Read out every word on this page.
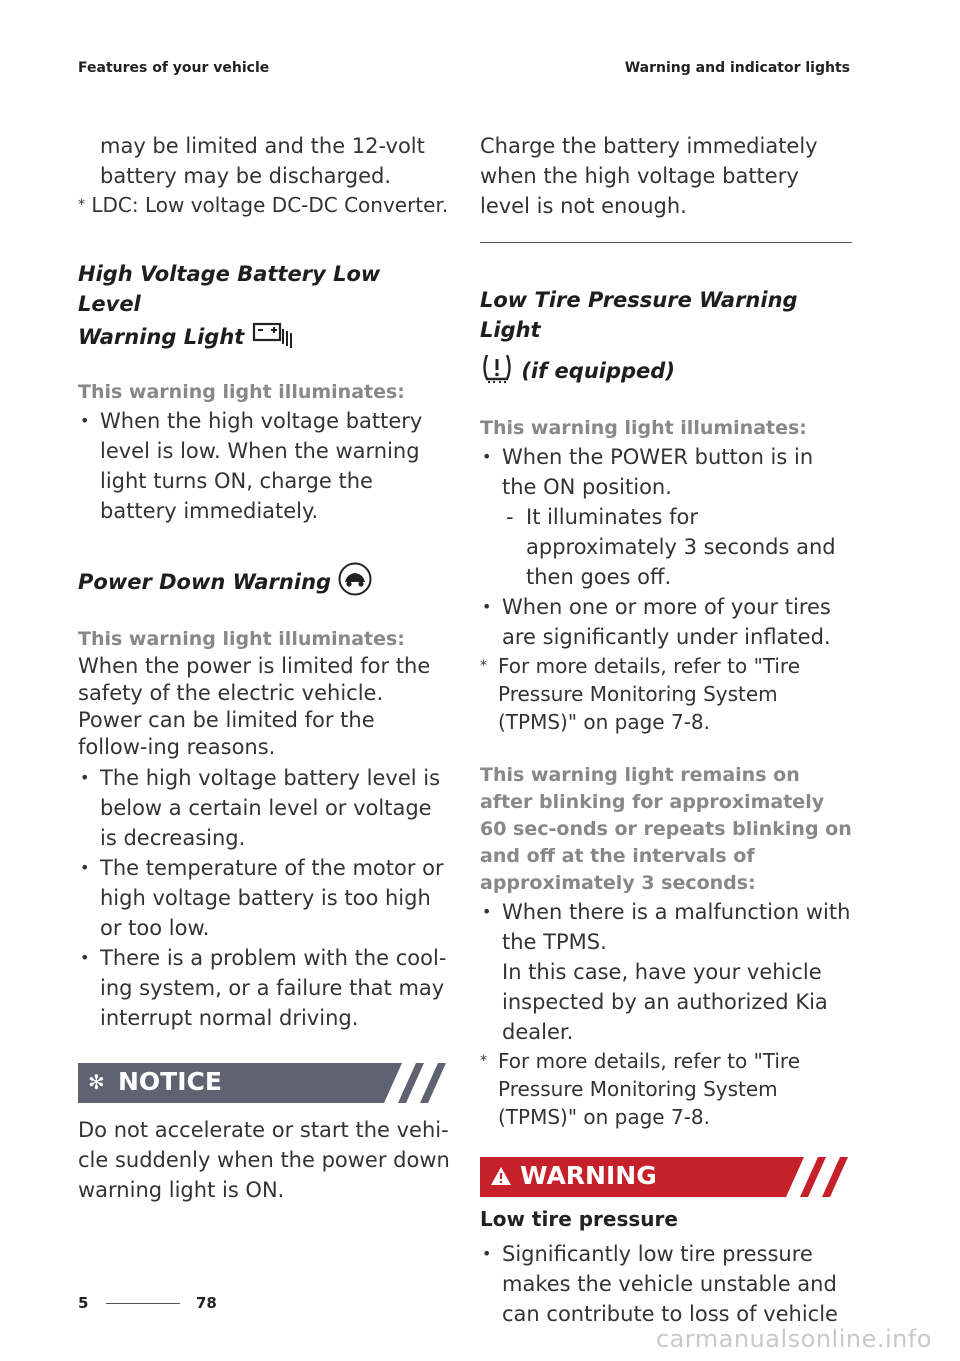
Features of your vehicle	Warning and indicator lights

may be limited and the 12-volt

battery may be discharged.

* LDC: Low voltage DC-DC Converter.

High Voltage Battery Low Level

Warning Light

This warning light illuminates:

• When the high voltage battery level is low. When the warning light turns ON, charge the battery immediately.

Power Down Warning

This warning light illuminates:

When the power is limited for the safety of the electric vehicle. Power can be limited for the follow-ing reasons.

• The high voltage battery level is below a certain level or voltage is decreasing.
• The temperature of the motor or high voltage battery is too high or too low.
• There is a problem with the cool-ing system, or a failure that may interrupt normal driving.
✻ NOTICE

Do not accelerate or start the vehi-cle suddenly when the power down warning light is ON.

Charge the battery immediately when the high voltage battery level is not enough.

Low Tire Pressure Warning Light

(if equipped)

This warning light illuminates:

• When the POWER button is in the ON position.
- It illuminates for approximately 3 seconds and then goes off.
• When one or more of your tires are significantly under inflated.

* For more details, refer to "Tire Pressure Monitoring System (TPMS)" on page 7-8.

This warning light remains on after blinking for approximately 60 sec-onds or repeats blinking on and off at the intervals of approximately 3 seconds:

• When there is a malfunction with the TPMS.
In this case, have your vehicle inspected by an authorized Kia dealer.

* For more details, refer to "Tire Pressure Monitoring System (TPMS)" on page 7-8.

WARNING

Low tire pressure

• Significantly low tire pressure makes the vehicle unstable and can contribute to loss of vehicle
5	78
carmanualsonline.info
